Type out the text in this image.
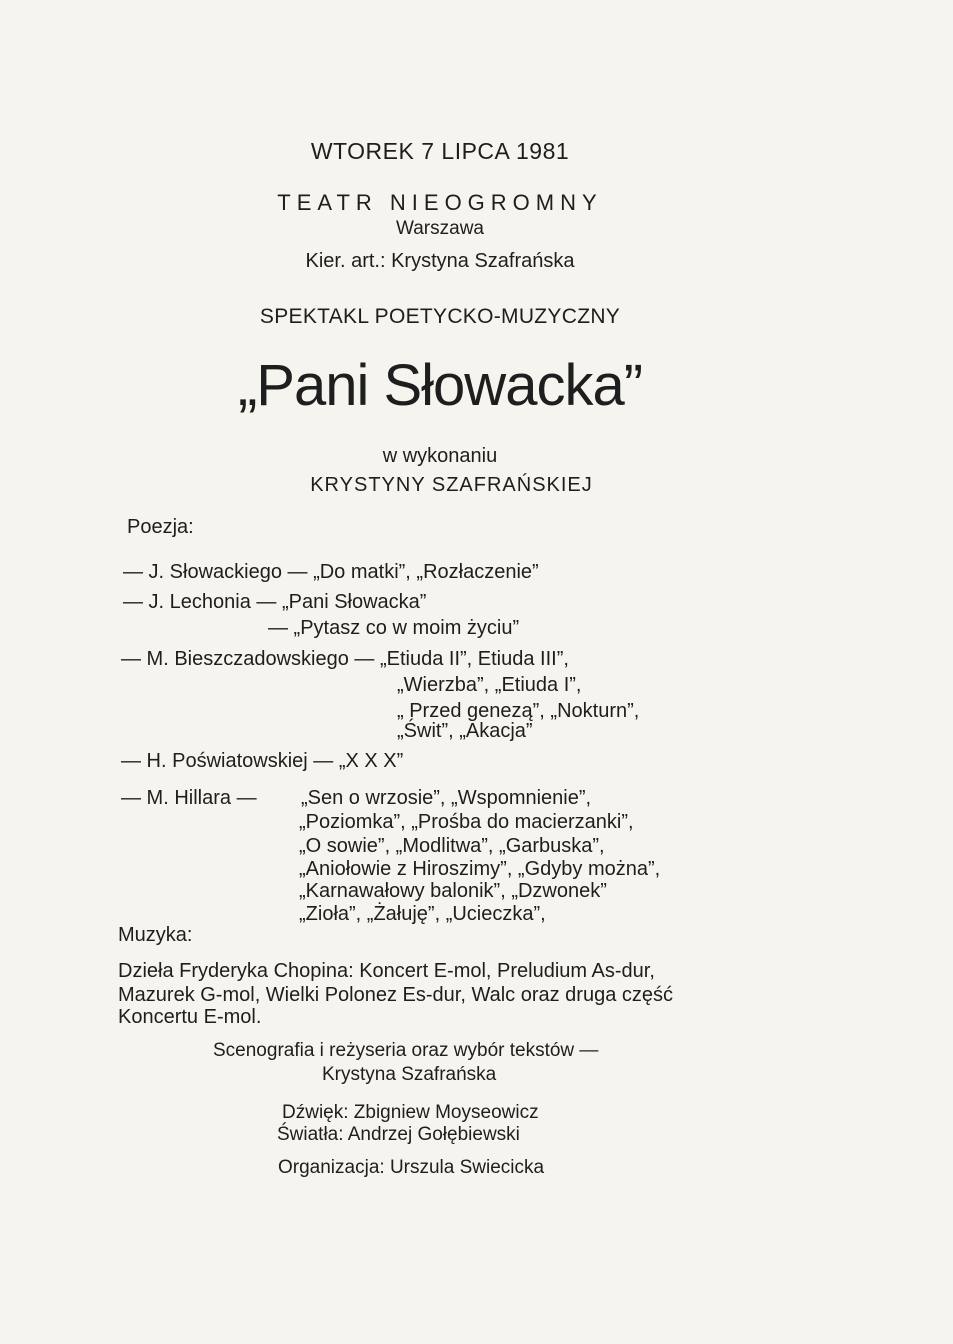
WTOREK 7 LIPCA 1981
TEATR NIEOGROMNY
Warszawa
Kier. art.: Krystyna Szafrańska
SPEKTAKL POETYCKO-MUZYCZNY
„Pani Słowacka”
w wykonaniu
KRYSTYNY SZAFRAŃSKIEJ
Poezja:
— J. Słowackiego — „Do matki”, „Rozłaczenie”
— J. Lechonia — „Pani Słowacka”
— „Pytasz co w moim życiu”
— M. Bieszczadowskiego — „Etiuda II”, Etiuda III”,
„Wierzba”, „Etiuda I”,
„ Przed genezą”, „Nokturn”,
„Świt”, „Akacja”
— H. Poświatowskiej — „X X X”
— M. Hillara — „Sen o wrzosie”, „Wspomnienie”,
„Poziomka”, „Prośba do macierzanki”,
„O sowie”, „Modlitwa”, „Garbuska”,
„Aniołowie z Hiroszimy”, „Gdyby można”,
„Karnawałowy balonik”, „Dzwonek”
„Zioła”, „Żałuję”, „Ucieczka”,
Muzyka:
Dzieła Fryderyka Chopina: Koncert E-mol, Preludium As-dur,
Mazurek G-mol, Wielki Polonez Es-dur, Walc oraz druga część
Koncertu E-mol.
Scenografia i reżyseria oraz wybór tekstów —
Krystyna Szafrańska
Dźwięk: Zbigniew Moyseowicz
Światła: Andrzej Gołębiewski
Organizacja: Urszula Swiecicka
